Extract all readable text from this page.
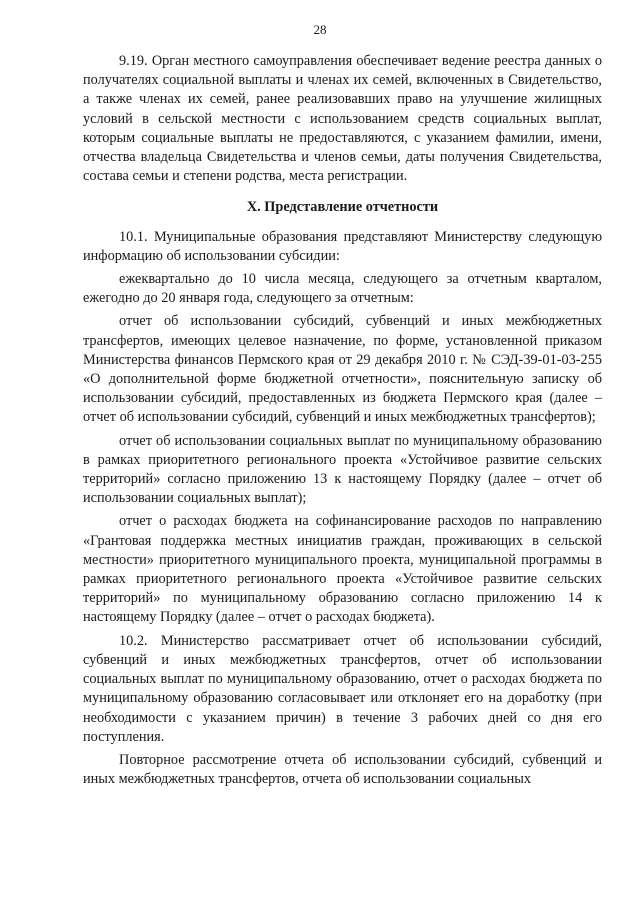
28

9.19. Орган местного самоуправления обеспечивает ведение реестра данных о получателях социальной выплаты и членах их семей, включенных в Свидетельство, а также членах их семей, ранее реализовавших право на улучшение жилищных условий в сельской местности с использованием средств социальных выплат, которым социальные выплаты не предоставляются, с указанием фамилии, имени, отчества владельца Свидетельства и членов семьи, даты получения Свидетельства, состава семьи и степени родства, места регистрации.

X. Представление отчетности

10.1. Муниципальные образования представляют Министерству следующую информацию об использовании субсидии:

ежеквартально до 10 числа месяца, следующего за отчетным кварталом, ежегодно до 20 января года, следующего за отчетным:

отчет об использовании субсидий, субвенций и иных межбюджетных трансфертов, имеющих целевое назначение, по форме, установленной приказом Министерства финансов Пермского края от 29 декабря 2010 г. № СЭД-39-01-03-255 «О дополнительной форме бюджетной отчетности», пояснительную записку об использовании субсидий, предоставленных из бюджета Пермского края (далее – отчет об использовании субсидий, субвенций и иных межбюджетных трансфертов);

отчет об использовании социальных выплат по муниципальному образованию в рамках приоритетного регионального проекта «Устойчивое развитие сельских территорий» согласно приложению 13 к настоящему Порядку (далее – отчет об использовании социальных выплат);

отчет о расходах бюджета на софинансирование расходов по направлению «Грантовая поддержка местных инициатив граждан, проживающих в сельской местности» приоритетного муниципального проекта, муниципальной программы в рамках приоритетного регионального проекта «Устойчивое развитие сельских территорий» по муниципальному образованию согласно приложению 14 к настоящему Порядку (далее – отчет о расходах бюджета).

10.2. Министерство рассматривает отчет об использовании субсидий, субвенций и иных межбюджетных трансфертов, отчет об использовании социальных выплат по муниципальному образованию, отчет о расходах бюджета по муниципальному образованию согласовывает или отклоняет его на доработку (при необходимости с указанием причин) в течение 3 рабочих дней со дня его поступления.

Повторное рассмотрение отчета об использовании субсидий, субвенций и иных межбюджетных трансфертов, отчета об использовании социальных
